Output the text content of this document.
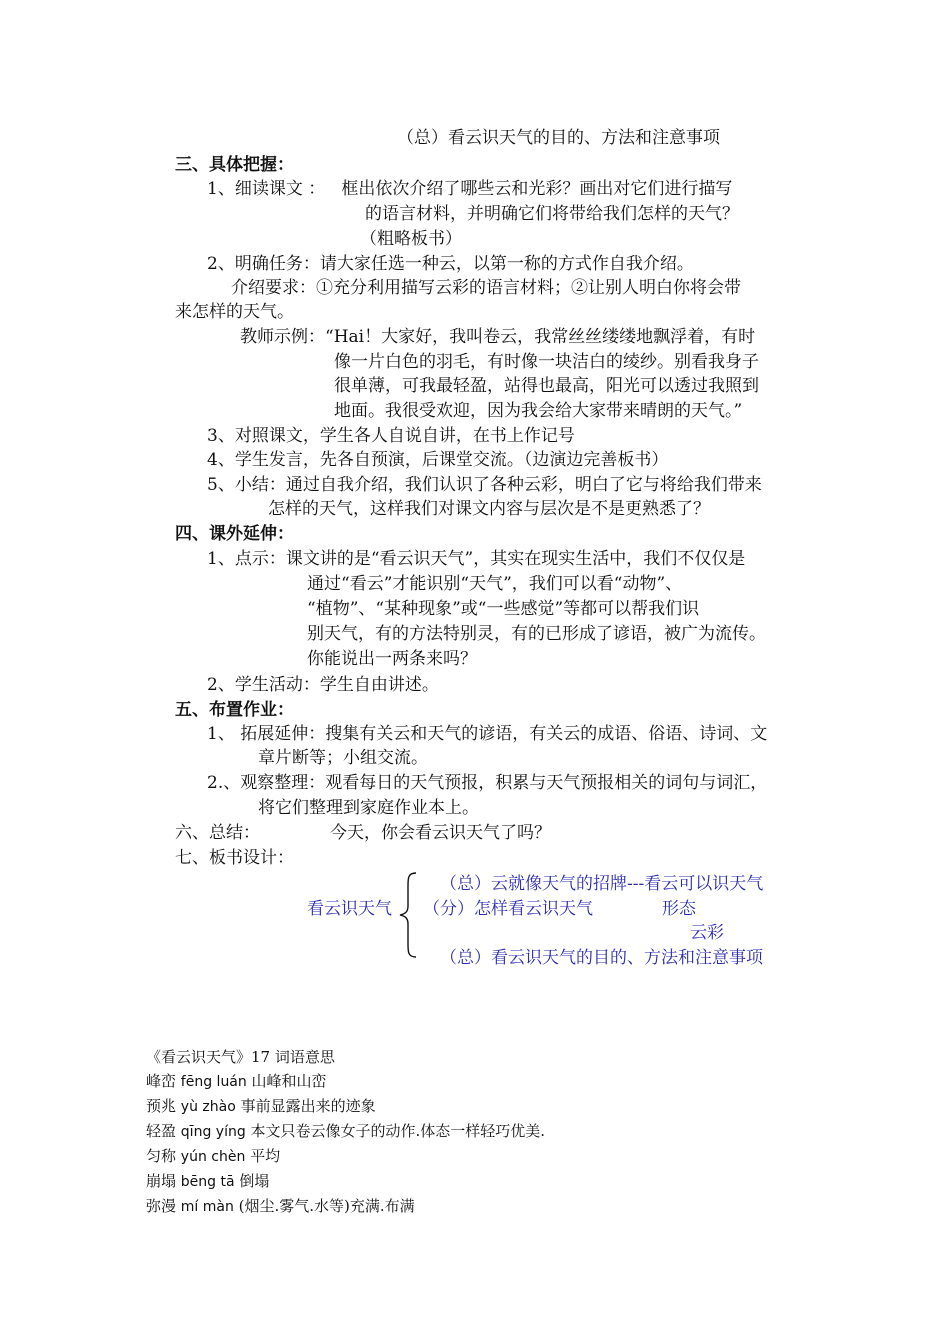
（总）看云识天气的目的、方法和注意事项
三、具体把握：
1、细读课文 ：   框出依次介绍了哪些云和光彩？画出对它们进行描写
的语言材料，并明确它们将带给我们怎样的天气？
（粗略板书）
2、明确任务：请大家任选一种云，以第一称的方式作自我介绍。
介绍要求：①充分利用描写云彩的语言材料；②让别人明白你将会带
来怎样的天气。
教师示例：“Hai！大家好，我叫卷云，我常丝丝缕缕地飘浮着，有时
像一片白色的羽毛，有时像一块洁白的绫纱。别看我身子
很单薄，可我最轻盈，站得也最高，阳光可以透过我照到
地面。我很受欢迎，因为我会给大家带来晴朗的天气。”
3、对照课文，学生各人自说自讲，在书上作记号
4、学生发言，先各自预演，后课堂交流。（边演边完善板书）
5、小结：通过自我介绍，我们认识了各种云彩，明白了它与将给我们带来
怎样的天气，这样我们对课文内容与层次是不是更熟悉了？
四、课外延伸：
1、点示：课文讲的是“看云识天气”，其实在现实生活中，我们不仅仅是
通过“看云”才能识别“天气”，我们可以看“动物”、
“植物”、“某种现象”或“一些感觉”等都可以帮我们识
别天气，有的方法特别灵，有的已形成了谚语，被广为流传。
你能说出一两条来吗？
2、学生活动：学生自由讲述。
五、布置作业：
1、 拓展延伸：搜集有关云和天气的谚语，有关云的成语、俗语、诗词、文
章片断等；小组交流。
2.、观察整理：观看每日的天气预报，积累与天气预报相关的词句与词汇，
将它们整理到家庭作业本上。
六、总结：	今天，你会看云识天气了吗？
七、板书设计：
看云识天气
（总）云就像天气的招牌---看云可以识天气
（分）怎样看云识天气	形态
云彩
（总）看云识天气的目的、方法和注意事项
《看云识天气》17 词语意思
峰峦 fēng luán 山峰和山峦
预兆 yù zhào 事前显露出来的迹象
轻盈 qīng yíng 本文只卷云像女子的动作.体态一样轻巧优美.
匀称 yún chèn 平均
崩塌 bēng tā 倒塌
弥漫 mí màn (烟尘.雾气.水等)充满.布满
